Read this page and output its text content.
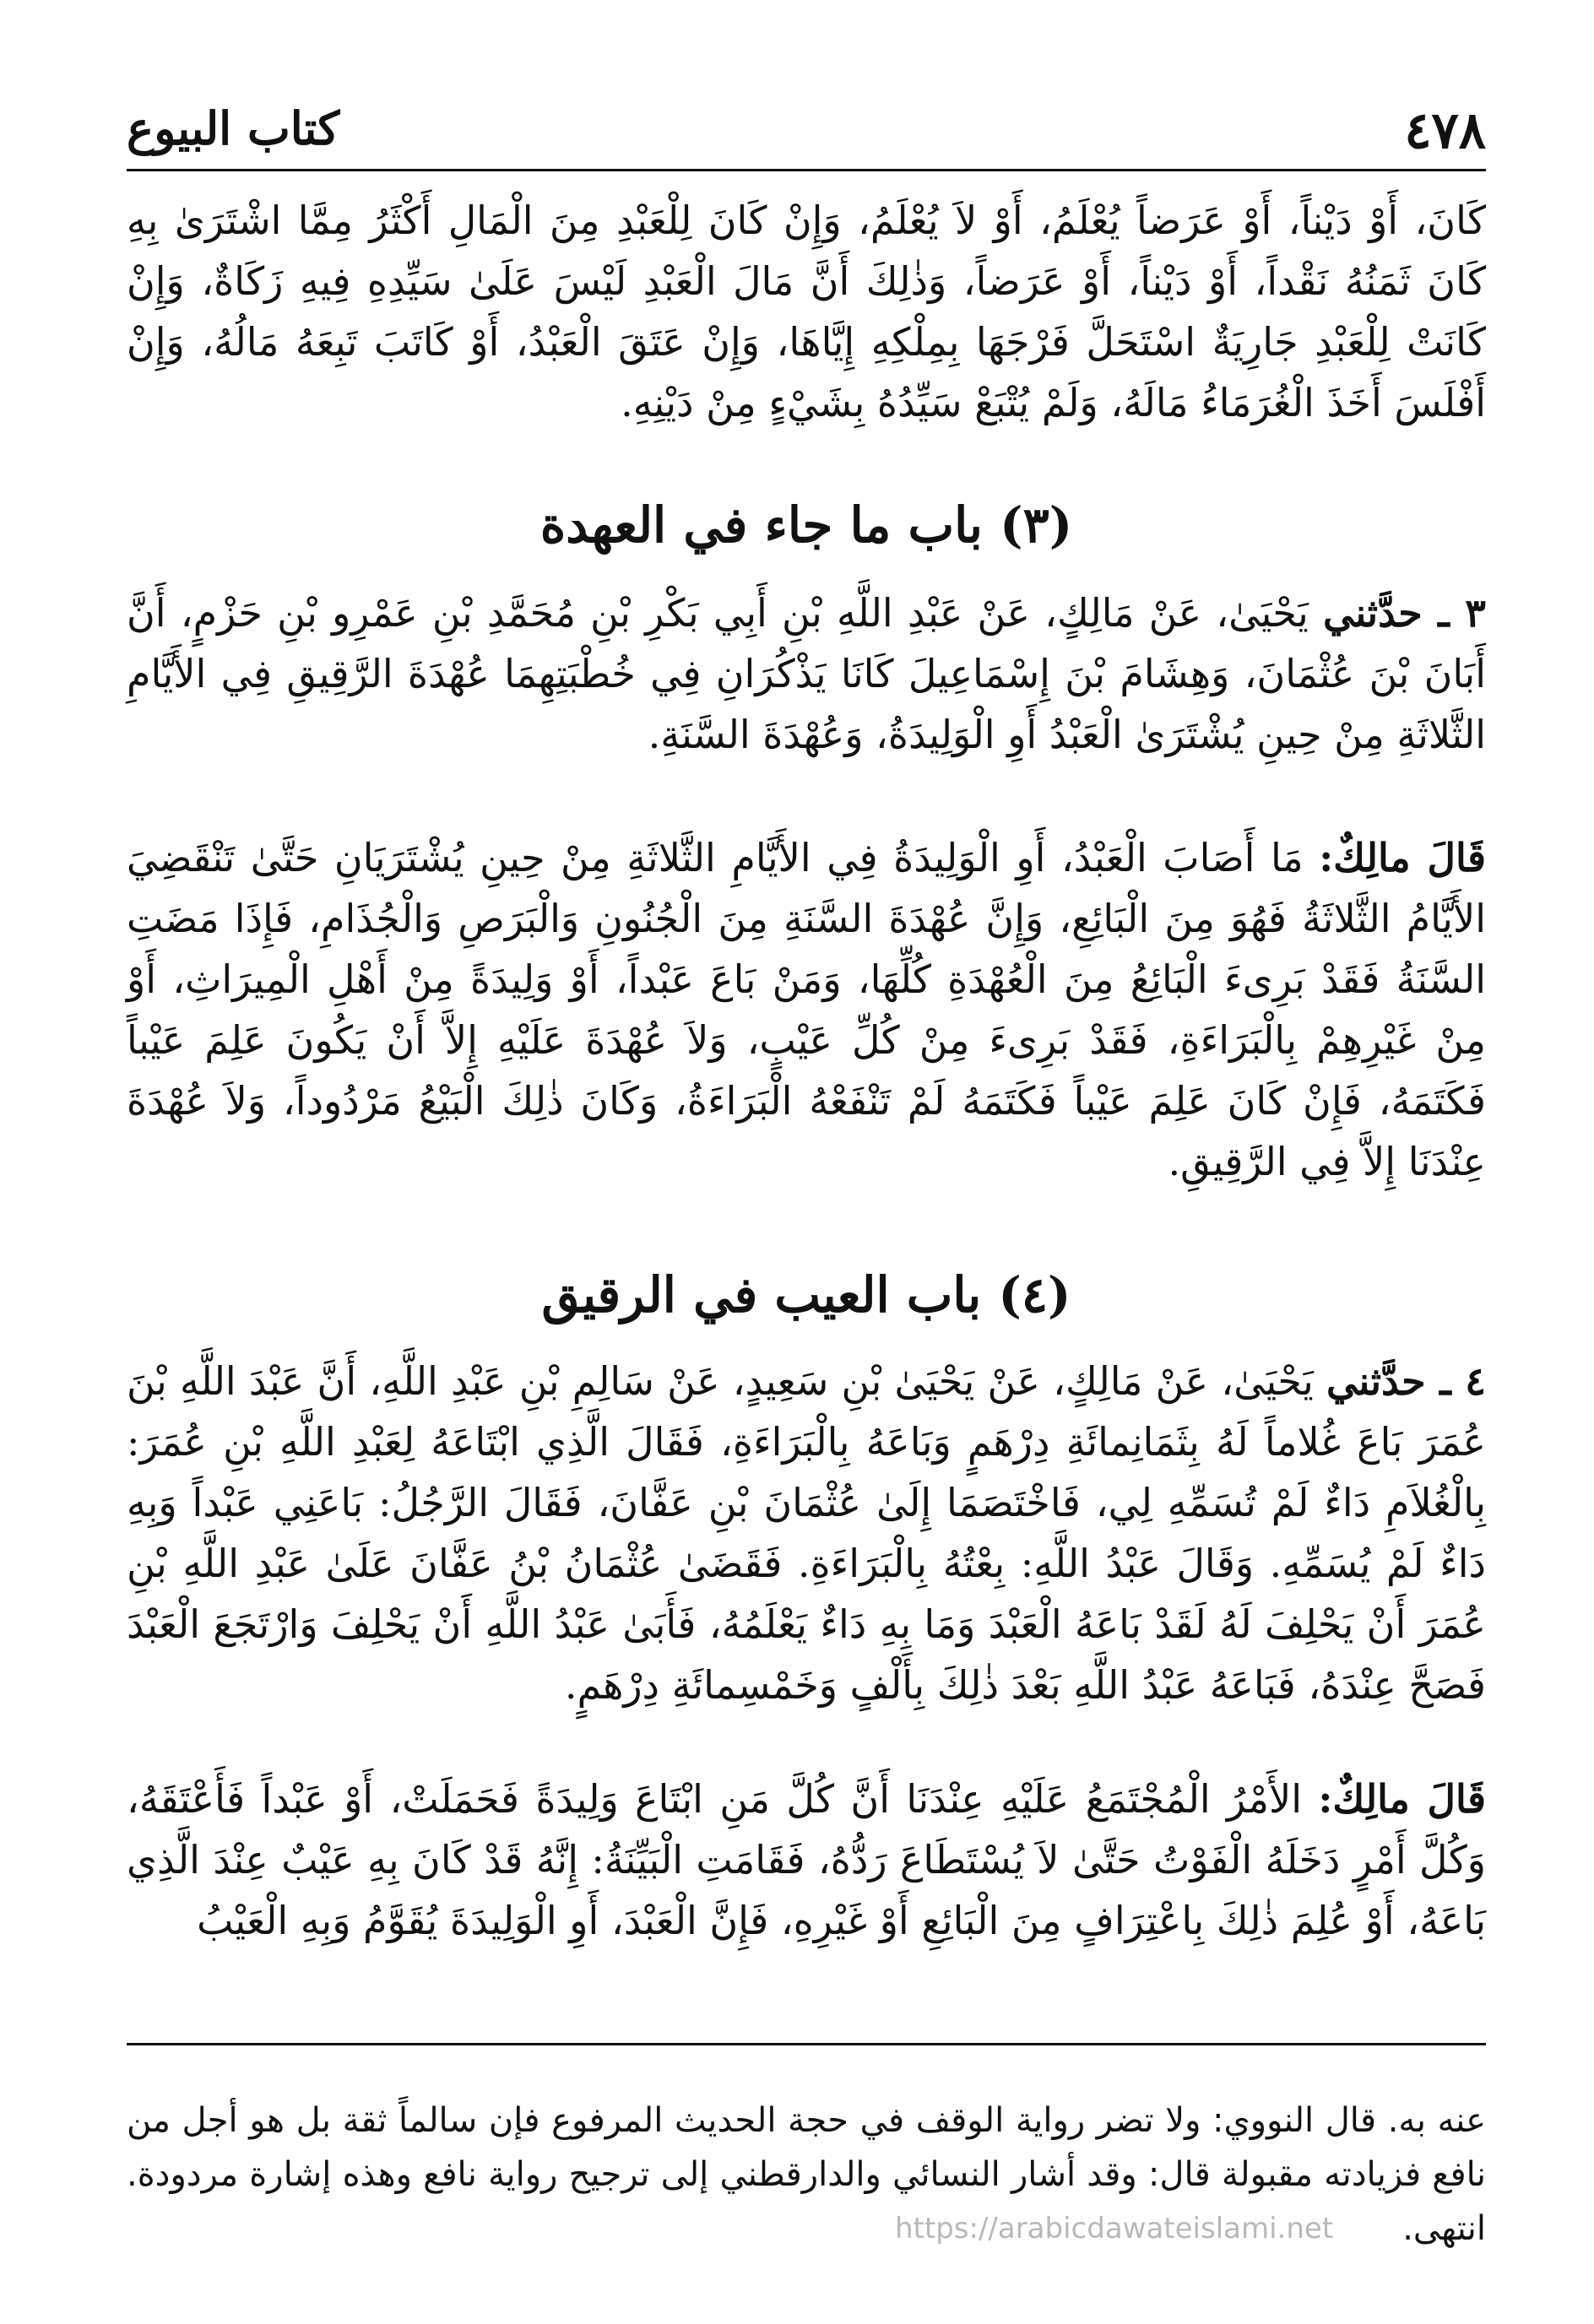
٤٧٨
كتاب البيوع

كَانَ، أَوْ دَيْناً، أَوْ عَرَضاً يُعْلَمُ، أَوْ لاَ يُعْلَمُ، وَإِنْ كَانَ لِلْعَبْدِ مِنَ الْمَالِ أَكْثَرُ مِمَّا اشْتَرَىٰ بِهِ كَانَ ثَمَنُهُ نَقْداً، أَوْ دَيْناً، أَوْ عَرَضاً، وَذٰلِكَ أَنَّ مَالَ الْعَبْدِ لَيْسَ عَلَىٰ سَيِّدِهِ فِيهِ زَكَاةٌ، وَإِنْ كَانَتْ لِلْعَبْدِ جَارِيَةٌ اسْتَحَلَّ فَرْجَهَا بِمِلْكِهِ إِيَّاهَا، وَإِنْ عَتَقَ الْعَبْدُ، أَوْ كَاتَبَ تَبِعَهُ مَالُهُ، وَإِنْ أَفْلَسَ أَخَذَ الْغُرَمَاءُ مَالَهُ، وَلَمْ يُتْبَعْ سَيِّدُهُ بِشَيْءٍ مِنْ دَيْنِهِ.

(٣) باب ما جاء في العهدة

٣ ـ حدَّثني يَحْيَىٰ، عَنْ مَالِكٍ، عَنْ عَبْدِ اللَّهِ بْنِ أَبِي بَكْرِ بْنِ مُحَمَّدِ بْنِ عَمْرِو بْنِ حَزْمٍ، أَنَّ أَبَانَ بْنَ عُثْمَانَ، وَهِشَامَ بْنَ إِسْمَاعِيلَ كَانَا يَذْكُرَانِ فِي خُطْبَتِهِمَا عُهْدَةَ الرَّقِيقِ فِي الأَيَّامِ الثَّلاثَةِ مِنْ حِينِ يُشْتَرَىٰ الْعَبْدُ أَوِ الْوَلِيدَةُ، وَعُهْدَةَ السَّنَةِ.

قَالَ مالِكٌ: مَا أَصَابَ الْعَبْدُ، أَوِ الْوَلِيدَةُ فِي الأَيَّامِ الثَّلاثَةِ مِنْ حِينِ يُشْتَرَيَانِ حَتَّىٰ تَنْقَضِيَ الأَيَّامُ الثَّلاثَةُ فَهُوَ مِنَ الْبَائِعِ، وَإِنَّ عُهْدَةَ السَّنَةِ مِنَ الْجُنُونِ وَالْبَرَصِ وَالْجُذَامِ، فَإِذَا مَضَتِ السَّنَةُ فَقَدْ بَرِىءَ الْبَائِعُ مِنَ الْعُهْدَةِ كُلِّهَا، وَمَنْ بَاعَ عَبْداً، أَوْ وَلِيدَةً مِنْ أَهْلِ الْمِيرَاثِ، أَوْ مِنْ غَيْرِهِمْ بِالْبَرَاءَةِ، فَقَدْ بَرِىءَ مِنْ كُلِّ عَيْبٍ، وَلاَ عُهْدَةَ عَلَيْهِ إِلاَّ أَنْ يَكُونَ عَلِمَ عَيْباً فَكَتَمَهُ، فَإِنْ كَانَ عَلِمَ عَيْباً فَكَتَمَهُ لَمْ تَنْفَعْهُ الْبَرَاءَةُ، وَكَانَ ذٰلِكَ الْبَيْعُ مَرْدُوداً، وَلاَ عُهْدَةَ عِنْدَنَا إِلاَّ فِي الرَّقِيقِ.

(٤) باب العيب في الرقيق

٤ ـ حدَّثني يَحْيَىٰ، عَنْ مَالِكٍ، عَنْ يَحْيَىٰ بْنِ سَعِيدٍ، عَنْ سَالِمِ بْنِ عَبْدِ اللَّهِ، أَنَّ عَبْدَ اللَّهِ بْنَ عُمَرَ بَاعَ غُلاماً لَهُ بِثَمَانِمائَةِ دِرْهَمٍ وَبَاعَهُ بِالْبَرَاءَةِ، فَقَالَ الَّذِي ابْتَاعَهُ لِعَبْدِ اللَّهِ بْنِ عُمَرَ: بِالْغُلاَمِ دَاءٌ لَمْ تُسَمِّهِ لِي، فَاخْتَصَمَا إِلَىٰ عُثْمَانَ بْنِ عَفَّانَ، فَقَالَ الرَّجُلُ: بَاعَنِي عَبْداً وَبِهِ دَاءٌ لَمْ يُسَمِّهِ. وَقَالَ عَبْدُ اللَّهِ: بِعْتُهُ بِالْبَرَاءَةِ. فَقَضَىٰ عُثْمَانُ بْنُ عَفَّانَ عَلَىٰ عَبْدِ اللَّهِ بْنِ عُمَرَ أَنْ يَحْلِفَ لَهُ لَقَدْ بَاعَهُ الْعَبْدَ وَمَا بِهِ دَاءٌ يَعْلَمُهُ، فَأَبَىٰ عَبْدُ اللَّهِ أَنْ يَحْلِفَ وَارْتَجَعَ الْعَبْدَ فَصَحَّ عِنْدَهُ، فَبَاعَهُ عَبْدُ اللَّهِ بَعْدَ ذٰلِكَ بِأَلْفٍ وَخَمْسِمائَةِ دِرْهَمٍ.

قَالَ مالِكٌ: الأَمْرُ الْمُجْتَمَعُ عَلَيْهِ عِنْدَنَا أَنَّ كُلَّ مَنِ ابْتَاعَ وَلِيدَةً فَحَمَلَتْ، أَوْ عَبْداً فَأَعْتَقَهُ، وَكُلَّ أَمْرٍ دَخَلَهُ الْفَوْتُ حَتَّىٰ لاَ يُسْتَطَاعَ رَدُّهُ، فَقَامَتِ الْبَيِّنَةُ: إِنَّهُ قَدْ كَانَ بِهِ عَيْبٌ عِنْدَ الَّذِي بَاعَهُ، أَوْ عُلِمَ ذٰلِكَ بِاعْتِرَافٍ مِنَ الْبَائِعِ أَوْ غَيْرِهِ، فَإِنَّ الْعَبْدَ، أَوِ الْوَلِيدَةَ يُقَوَّمُ وَبِهِ الْعَيْبُ

عنه به. قال النووي: ولا تضر رواية الوقف في حجة الحديث المرفوع فإن سالماً ثقة بل هو أجل من نافع فزيادته مقبولة قال: وقد أشار النسائي والدارقطني إلى ترجيح رواية نافع وهذه إشارة مردودة. انتهى.

https://arabicdawateislami.net
